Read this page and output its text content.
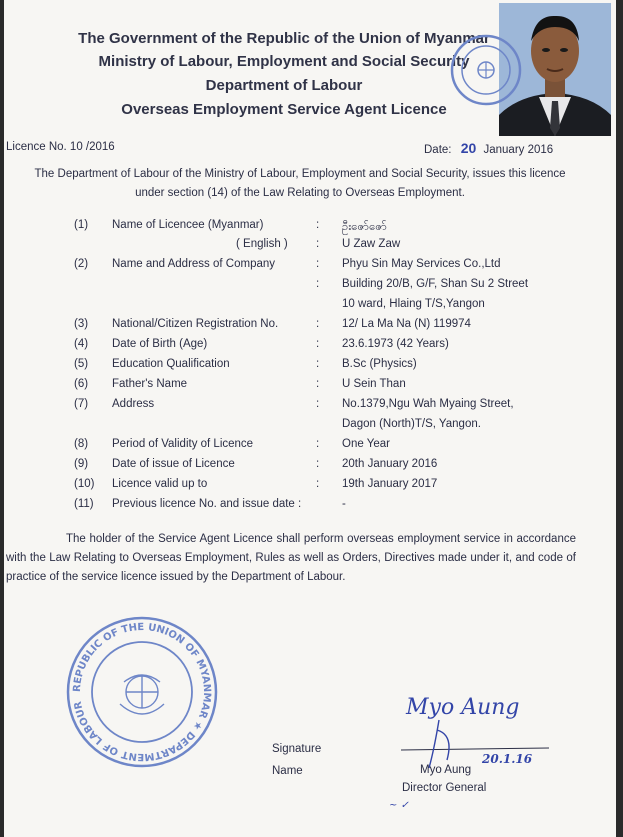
The Government of the Republic of the Union of Myanmar
Ministry of Labour, Employment and Social Security
Department of Labour
Overseas Employment Service Agent Licence
Licence No. 10 /2016	Date: 20 January 2016
The Department of Labour of the Ministry of Labour, Employment and Social Security, issues this licence under section (14) of the Law Relating to Overseas Employment.
(1) Name of Licencee (Myanmar)	: ဦးဇော်ဇော်
( English ) : U Zaw Zaw
(2) Name and Address of Company	: Phyu Sin May Services Co.,Ltd
: Building 20/B, G/F, Shan Su 2 Street
10 ward, Hlaing T/S,Yangon
(3) National/Citizen Registration No.	: 12/ La Ma Na (N) 119974
(4) Date of Birth (Age)	: 23.6.1973 (42 Years)
(5) Education Qualification	: B.Sc (Physics)
(6) Father's Name	: U Sein Than
(7) Address	: No.1379,Ngu Wah Myaing Street,
Dagon (North)T/S, Yangon.
(8) Period of Validity of Licence	: One Year
(9) Date of issue of Licence	: 20th January 2016
(10) Licence valid up to	: 19th January 2017
(11) Previous licence No. and issue date :	-
The holder of the Service Agent Licence shall perform overseas employment service in accordance with the Law Relating to Overseas Employment, Rules as well as Orders, Directives made under it, and code of practice of the service licence issued by the Department of Labour.
REPUBLIC OF THE UNION OF MYANMAR ★ DEPARTMENT OF LABOUR
Signature
Name
Myo Aung
Myo Aung
20.1.16
Director General
~ ✓
